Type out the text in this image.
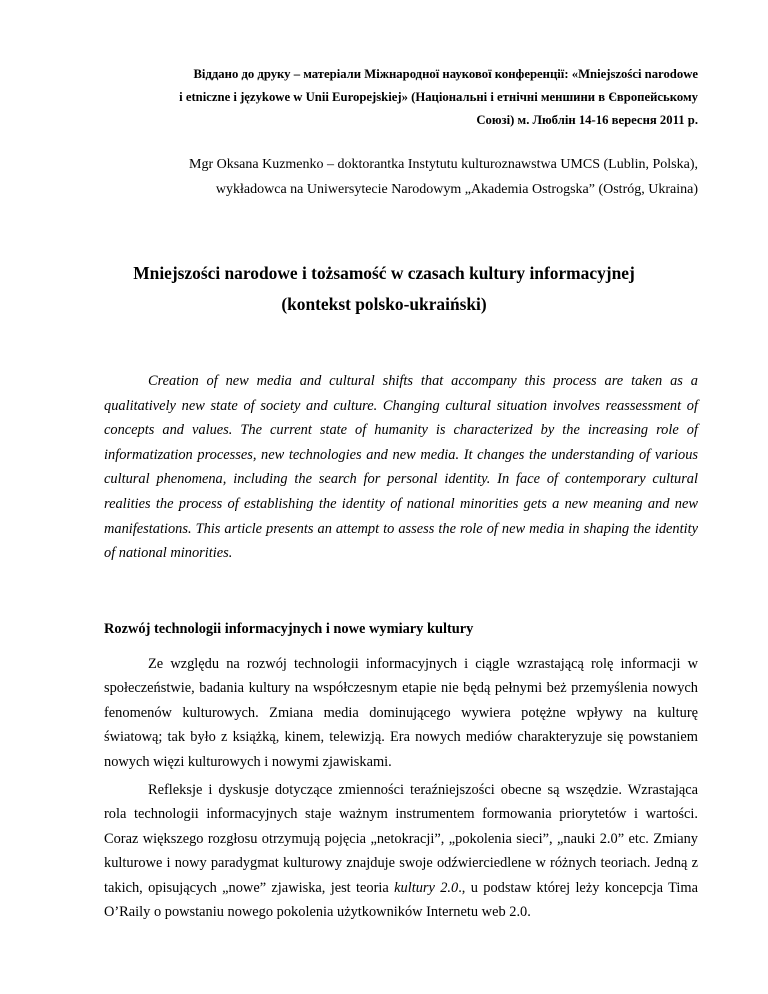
Віддано до друку – матеріали Міжнародної наукової конференції: «Mniejszości narodowe
i etniczne i językowe w Unii Europejskiej» (Національні і етнічні меншини в Європейському
Союзі) м. Люблін 14-16 вересня 2011 р.
Mgr Oksana Kuzmenko – doktorantka Instytutu kulturoznawstwa UMCS (Lublin, Polska),
wykładowca na Uniwersytecie Narodowym „Akademia Ostrogska” (Ostróg, Ukraina)
Mniejszości narodowe i tożsamość w czasach kultury informacyjnej
(kontekst polsko-ukraiński)

Creation of new media and cultural shifts that accompany this process are taken as a qualitatively new state of society and culture. Changing cultural situation involves reassessment of concepts and values. The current state of humanity is characterized by the increasing role of informatization processes, new technologies and new media. It changes the understanding of various cultural phenomena, including the search for personal identity. In face of contemporary cultural realities the process of establishing the identity of national minorities gets a new meaning and new manifestations. This article presents an attempt to assess the role of new media in shaping the identity of national minorities.

Rozwój technologii informacyjnych i nowe wymiary kultury

Ze względu na rozwój technologii informacyjnych i ciągle wzrastającą rolę informacji w społeczeństwie, badania kultury na współczesnym etapie nie będą pełnymi beż przemyślenia nowych fenomenów kulturowych. Zmiana media dominującego wywiera potężne wpływy na kulturę światową; tak było z książką, kinem, telewizją. Era nowych mediów charakteryzuje się powstaniem nowych więzi kulturowych i nowymi zjawiskami.

Refleksje i dyskusje dotyczące zmienności teraźniejszości obecne są wszędzie. Wzrastająca rola technologii informacyjnych staje ważnym instrumentem formowania priorytetów i wartości. Coraz większego rozgłosu otrzymują pojęcia „netokracji”, „pokolenia sieci”, „nauki 2.0” etc. Zmiany kulturowe i nowy paradygmat kulturowy znajduje swoje odźwierciedlene w różnych teoriach. Jedną z takich, opisujących „nowe” zjawiska, jest teoria kultury 2.0., u podstaw której leży koncepcja Tima O’Raily o powstaniu nowego pokolenia użytkowników Internetu web 2.0.
